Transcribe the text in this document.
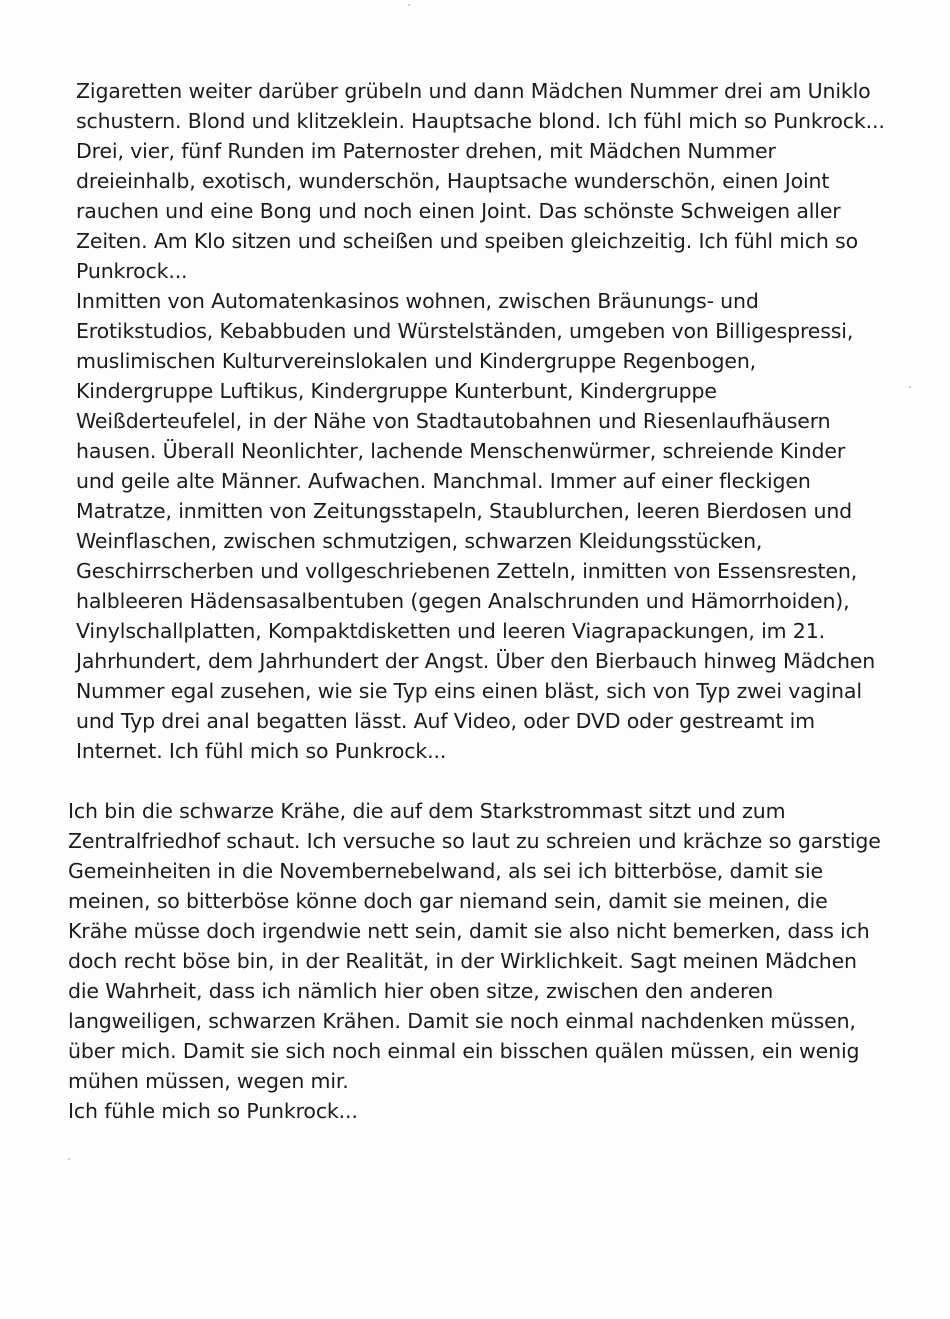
Zigaretten weiter darüber grübeln und dann Mädchen Nummer drei am Uniklo
schustern. Blond und klitzeklein. Hauptsache blond. Ich fühl mich so Punkrock...
Drei, vier, fünf Runden im Paternoster drehen, mit Mädchen Nummer
dreieinhalb, exotisch, wunderschön, Hauptsache wunderschön, einen Joint
rauchen und eine Bong und noch einen Joint. Das schönste Schweigen aller
Zeiten. Am Klo sitzen und scheißen und speiben gleichzeitig. Ich fühl mich so
Punkrock...
Inmitten von Automatenkasinos wohnen, zwischen Bräunungs- und
Erotikstudios, Kebabbuden und Würstelständen, umgeben von Billigespressi,
muslimischen Kulturvereinslokalen und Kindergruppe Regenbogen,
Kindergruppe Luftikus, Kindergruppe Kunterbunt, Kindergruppe
Weißderteufelel, in der Nähe von Stadtautobahnen und Riesenlaufhäusern
hausen. Überall Neonlichter, lachende Menschenwürmer, schreiende Kinder
und geile alte Männer. Aufwachen. Manchmal. Immer auf einer fleckigen
Matratze, inmitten von Zeitungsstapeln, Staublurchen, leeren Bierdosen und
Weinflaschen, zwischen schmutzigen, schwarzen Kleidungsstücken,
Geschirrscherben und vollgeschriebenen Zetteln, inmitten von Essensresten,
halbleeren Hädensasalbentuben (gegen Analschrunden und Hämorrhoiden),
Vinylschallplatten, Kompaktdisketten und leeren Viagrapackungen, im 21.
Jahrhundert, dem Jahrhundert der Angst. Über den Bierbauch hinweg Mädchen
Nummer egal zusehen, wie sie Typ eins einen bläst, sich von Typ zwei vaginal
und Typ drei anal begatten lässt. Auf Video, oder DVD oder gestreamt im
Internet. Ich fühl mich so Punkrock...
Ich bin die schwarze Krähe, die auf dem Starkstrommast sitzt und zum
Zentralfriedhof schaut. Ich versuche so laut zu schreien und krächze so garstige
Gemeinheiten in die Novembernebelwand, als sei ich bitterböse, damit sie
meinen, so bitterböse könne doch gar niemand sein, damit sie meinen, die
Krähe müsse doch irgendwie nett sein, damit sie also nicht bemerken, dass ich
doch recht böse bin, in der Realität, in der Wirklichkeit. Sagt meinen Mädchen
die Wahrheit, dass ich nämlich hier oben sitze, zwischen den anderen
langweiligen, schwarzen Krähen. Damit sie noch einmal nachdenken müssen,
über mich. Damit sie sich noch einmal ein bisschen quälen müssen, ein wenig
mühen müssen, wegen mir.
Ich fühle mich so Punkrock...
